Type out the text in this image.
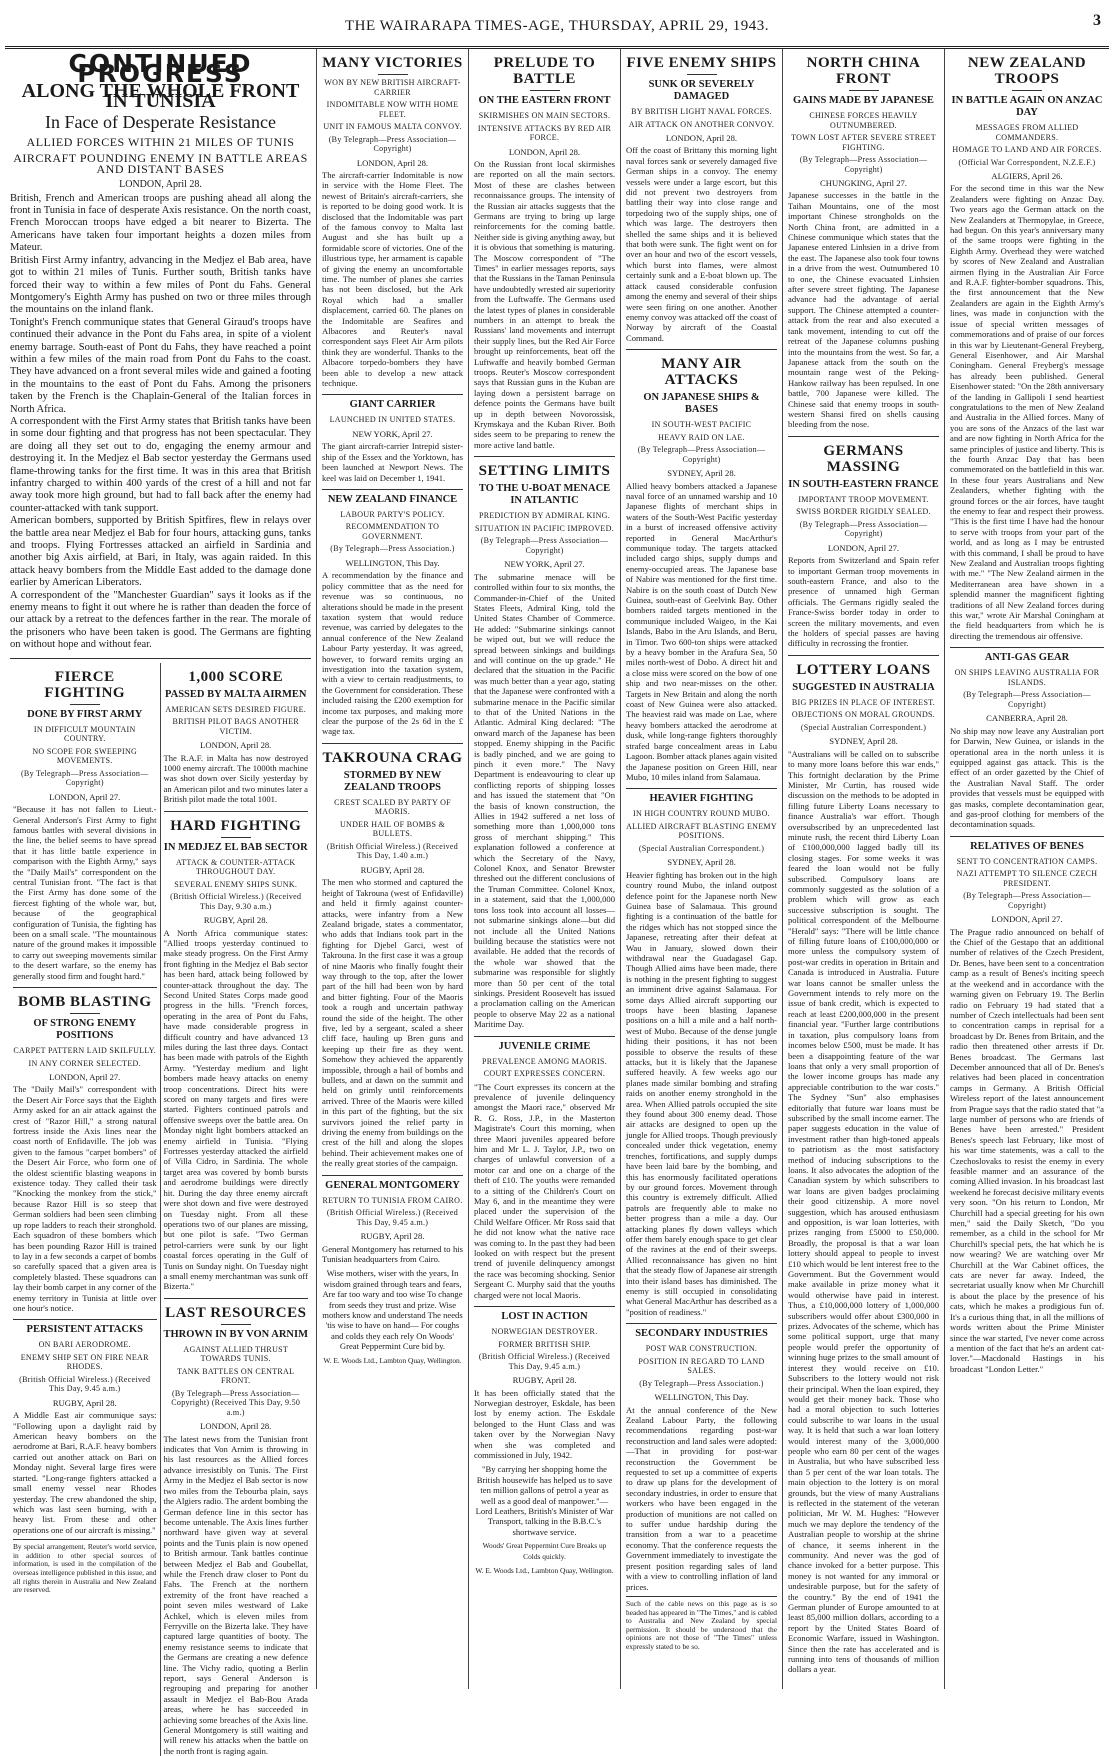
THE WAIRARAPA TIMES-AGE, THURSDAY, APRIL 29, 1943.	3
CONTINUED PROGRESS
ALONG THE WHOLE FRONT IN TUNISIA
In Face of Desperate Resistance
ALLIED FORCES WITHIN 21 MILES OF TUNIS
AIRCRAFT POUNDING ENEMY IN BATTLE AREAS AND DISTANT BASES
LONDON, April 28.

British, French and American troops are pushing ahead all along the front in Tunisia in face of desperate Axis resistance. On the north coast, French Moroccan troops have edged a bit nearer to Bizerta. The Americans have taken four important heights a dozen miles from Mateur.

British First Army infantry, advancing in the Medjez el Bab area, have got to within 21 miles of Tunis. Further south, British tanks have forced their way to within a few miles of Pont du Fahs. General Montgomery's Eighth Army has pushed on two or three miles through the mountains on the inland flank.

Tonight's French communique states that General Giraud's troops have continued their advance in the Pont du Fahs area, in spite of a violent enemy barrage. South-east of Pont du Fahs, they have reached a point within a few miles of the main road from Pont du Fahs to the coast. They have advanced on a front several miles wide and gained a footing in the mountains to the east of Pont du Fahs. Among the prisoners taken by the French is the Chaplain-General of the Italian forces in North Africa.

A correspondent with the First Army states that British tanks have been in some dour fighting and that progress has not been spectacular. They are doing all they set out to do, engaging the enemy armour and destroying it. In the Medjez el Bab sector yesterday the Germans used flame-throwing tanks for the first time. It was in this area that British infantry charged to within 400 yards of the crest of a hill and not far away took more high ground, but had to fall back after the enemy had counter-attacked with tank support.

American bombers, supported by British Spitfires, flew in relays over the battle area near Medjez el Bab for four hours, attacking guns, tanks and troops. Flying Fortresses attacked an airfield in Sardinia and another big Axis airfield, at Bari, in Italy, was again raided. In this attack heavy bombers from the Middle East added to the damage done earlier by American Liberators.

A correspondent of the "Manchester Guardian" says it looks as if the enemy means to fight it out where he is rather than deaden the force of our attack by a retreat to the defences farther in the rear. The morale of the prisoners who have been taken is good. The Germans are fighting on without hope and without fear.

FIERCE FIGHTING
DONE BY FIRST ARMY
IN DIFFICULT MOUNTAIN COUNTRY.
NO SCOPE FOR SWEEPING MOVEMENTS.
(By Telegraph—Press Association—Copyright)
LONDON, April 27.

"Because it has not fallen to Lieut.-General Anderson's First Army to fight famous battles with several divisions in the line, the belief seems to have spread that it has little battle experience in comparison with the Eighth Army," says the "Daily Mail's" correspondent on the central Tunisian front. "The fact is that the First Army has done some of the fiercest fighting of the whole war, but, because of the geographical configuration of Tunisia, the fighting has been on a small scale. "The mountainous nature of the ground makes it impossible to carry out sweeping movements similar to the desert warfare, so the enemy has generally stood firm and fought hard."

BOMB BLASTING
OF STRONG ENEMY POSITIONS
CARPET PATTERN LAID SKILFULLY.
IN ANY CORNER SELECTED.
LONDON, April 27.

The "Daily Mail's" correspondent with the Desert Air Force says that the Eighth Army asked for an air attack against the crest of "Razor Hill," a strong natural fortress inside the Axis lines near the coast north of Enfidaville. The job was given to the famous "carpet bombers" of the Desert Air Force, who form one of the oldest scientific blasting weapons in existence today. They called their task "Knocking the monkey from the stick," because Razor Hill is so steep that German soldiers had been seen climbing up rope ladders to reach their stronghold. Each squadron of these bombers which has been pounding Razor Hill is trained to lay in a few seconds a carpet of bombs so carefully spaced that a given area is completely blasted. These squadrons can lay their bomb carpet in any corner of the enemy territory in Tunisia at little over one hour's notice.

PERSISTENT ATTACKS
ON BARI AERODROME.
ENEMY SHIP SET ON FIRE NEAR RHODES.
(British Official Wireless.) (Received This Day, 9.45 a.m.)
RUGBY, April 28.

A Middle East air communique says: "Following upon a daylight raid by American heavy bombers on the aerodrome at Bari, R.A.F. heavy bombers carried out another attack on Bari on Monday night. Several large fires were started. "Long-range fighters attacked a small enemy vessel near Rhodes yesterday. The crew abandoned the ship, which was last seen burning, with a heavy list. From these and other operations one of our aircraft is missing."

By special arrangement, Reuter's world service, in addition to other special sources of information, is used in the compilation of the overseas intelligence published in this issue, and all rights therein in Australia and New Zealand are reserved.
1,000 SCORE
PASSED BY MALTA AIRMEN
AMERICAN SETS DESIRED FIGURE.
BRITISH PILOT BAGS ANOTHER VICTIM.
LONDON, April 28.

The R.A.F. in Malta has now destroyed 1000 enemy aircraft. The 1000th machine was shot down over Sicily yesterday by an American pilot and two minutes later a British pilot made the total 1001.

HARD FIGHTING
IN MEDJEZ EL BAB SECTOR
ATTACK & COUNTER-ATTACK THROUGHOUT DAY.
SEVERAL ENEMY SHIPS SUNK.
(British Official Wireless.) (Received This Day, 9.30 a.m.)
RUGBY, April 28.

A North Africa communique states: "Allied troops yesterday continued to make steady progress. On the First Army front fighting in the Medjez el Bab sector has been hard, attack being followed by counter-attack throughout the day. The Second United States Corps made good progress in the hills. "French forces, operating in the area of Pont du Fahs, have made considerable progress in difficult country and have advanced 13 miles during the last three days. Contact has been made with patrols of the Eighth Army. "Yesterday medium and light bombers made heavy attacks on enemy troop concentrations. Direct hits were scored on many targets and fires were started. Fighters continued patrols and offensive sweeps over the battle area. On Monday night light bombers attacked an enemy airfield in Tunisia. "Flying Fortresses yesterday attacked the airfield of Villa Cidro, in Sardinia. The whole target area was covered by bomb bursts and aerodrome buildings were directly hit. During the day three enemy aircraft were shot down and five were destroyed on Tuesday night. From all these operations two of our planes are missing, but one pilot is safe. "Two German petrol-carriers were sunk by our light coastal forces operating in the Gulf of Tunis on Sunday night. On Tuesday night a small enemy merchantman was sunk off Bizerta."

LAST RESOURCES
THROWN IN BY VON ARNIM
AGAINST ALLIED THRUST TOWARDS TUNIS.
TANK BATTLES ON CENTRAL FRONT.
(By Telegraph—Press Association—Copyright) (Received This Day, 9.50 a.m.)
LONDON, April 28.

The latest news from the Tunisian front indicates that Von Arnim is throwing in his last resources as the Allied forces advance irresistibly on Tunis. The First Army in the Medjez el Bab sector is now two miles from the Tebourba plain, says the Algiers radio. The ardent bombing the German defence line in this sector has become untenable. The Axis lines further northward have given way at several points and the Tunis plain is now opened to British armour. Tank battles continue between Medjez el Bab and Goubellat, while the French draw closer to Pont du Fahs. The French at the northern extremity of the front have reached a point seven miles westward of Lake Achkel, which is eleven miles from Ferryville on the Bizerta lake. They have captured large quantities of booty. The enemy resistance seems to indicate that the Germans are creating a new defence line. The Vichy radio, quoting a Berlin report, says General Anderson is regrouping and preparing for another assault in Medjez el Bab-Bou Arada areas, where he has succeeded in achieving some breaches of the Axis line. General Montgomery is still waiting and will renew his attacks when the battle on the north front is raging again.

MANY VICTORIES
WON BY NEW BRITISH AIRCRAFT-CARRIER
INDOMITABLE NOW WITH HOME FLEET.
UNIT IN FAMOUS MALTA CONVOY.
(By Telegraph—Press Association—Copyright)
LONDON, April 28.

The aircraft-carrier Indomitable is now in service with the Home Fleet. The newest of Britain's aircraft-carriers, she is reported to be doing good work. It is disclosed that the Indomitable was part of the famous convoy to Malta last August and she has built up a formidable score of victories. One of the illustrious type, her armament is capable of giving the enemy an uncomfortable time. The number of planes she carries has not been disclosed, but the Ark Royal which had a smaller displacement, carried 60. The planes on the Indomitable are Seafires and Albacores and Reuter's naval correspondent says Fleet Air Arm pilots think they are wonderful. Thanks to the Albacore torpedo-bombers they have been able to develop a new attack technique.

GIANT CARRIER
LAUNCHED IN UNITED STATES.
NEW YORK, April 27.

The giant aircraft-carrier Intrepid sister-ship of the Essex and the Yorktown, has been launched at Newport News. The keel was laid on December 1, 1941.

NEW ZEALAND FINANCE
LABOUR PARTY'S POLICY.
RECOMMENDATION TO GOVERNMENT.
(By Telegraph—Press Association.)
WELLINGTON, This Day.

A recommendation by the finance and policy committee that as the need for revenue was so continuous, no alterations should be made in the present taxation system that would reduce revenue, was carried by delegates to the annual conference of the New Zealand Labour Party yesterday. It was agreed, however, to forward remits urging an investigation into the taxation system, with a view to certain readjustments, to the Government for consideration. These included raising the £200 exemption for income tax purposes, and making more clear the purpose of the 2s 6d in the £ wage tax.

TAKROUNA CRAG
STORMED BY NEW ZEALAND TROOPS
CREST SCALED BY PARTY OF MAORIS.
UNDER HAIL OF BOMBS & BULLETS.
(British Official Wireless.) (Received This Day, 1.40 a.m.)
RUGBY, April 28.

The men who stormed and captured the height of Takrouna (west of Enfidaville) and held it firmly against counter-attacks, were infantry from a New Zealand brigade, states a commentator, who adds that Indians took part in the fighting for Djebel Garci, west of Takrouna. In the first case it was a group of nine Maoris who finally fought their way through to the top, after the lower part of the hill had been won by hard and bitter fighting. Four of the Maoris took a rough and uncertain pathway round the side of the height. The other five, led by a sergeant, scaled a sheer cliff face, hauling up Bren guns and keeping up their fire as they went. Somehow they achieved the apparently impossible, through a hail of bombs and bullets, and at dawn on the summit and held on grimly until reinforcements arrived. Three of the Maoris were killed in this part of the fighting, but the six survivors joined the relief party in driving the enemy from buildings on the crest of the hill and along the slopes behind. Their achievement makes one of the really great stories of the campaign.

GENERAL MONTGOMERY
RETURN TO TUNISIA FROM CAIRO.
(British Official Wireless.) (Received This Day, 9.45 a.m.)
RUGBY, April 28.

General Montgomery has returned to his Tunisian headquarters from Cairo.

Wise mothers, wiser with the years, In wisdom grained through tears and fears, Are far too wary and too wise To change from seeds they trust and prize. Wise mothers know and understand The needs 'tis wise to have on hand— For coughs and colds they each rely On Woods' Great Peppermint Cure bid by.
W. E. Woods Ltd., Lambton Quay, Wellington.
PRELUDE TO BATTLE
ON THE EASTERN FRONT
SKIRMISHES ON MAIN SECTORS.
INTENSIVE ATTACKS BY RED AIR FORCE.
LONDON, April 28.

On the Russian front local skirmishes are reported on all the main sectors. Most of these are clashes between reconnaissance groups. The intensity of the Russian air attacks suggests that the Germans are trying to bring up large reinforcements for the coming battle. Neither side is giving anything away, but it is obvious that something is maturing. The Moscow correspondent of "The Times" in earlier messages reports, says that the Russians in the Taman Peninsula have undoubtedly wrested air superiority from the Luftwaffe. The Germans used the latest types of planes in considerable numbers in an attempt to break the Russians' land movements and interrupt their supply lines, but the Red Air Force brought up reinforcements, beat off the Luftwaffe and heavily bombed German troops. Reuter's Moscow correspondent says that Russian guns in the Kuban are laying down a persistent barrage on defence points the Germans have built up in depth between Novorossisk, Krymskaya and the Kuban River. Both sides seem to be preparing to renew the more active land battle.

SETTING LIMITS
TO THE U-BOAT MENACE IN ATLANTIC
PREDICTION BY ADMIRAL KING.
SITUATION IN PACIFIC IMPROVED.
(By Telegraph—Press Association—Copyright)
NEW YORK, April 27.

The submarine menace will be controlled within four to six months, the Commander-in-Chief of the United States Fleets, Admiral King, told the United States Chamber of Commerce. He added: "Submarine sinkings cannot be wiped out, but we will reduce the spread between sinkings and buildings and will continue on the up grade." He declared that the situation in the Pacific was much better than a year ago, stating that the Japanese were confronted with a submarine menace in the Pacific similar to that of the United Nations in the Atlantic. Admiral King declared: "The onward march of the Japanese has been stopped. Enemy shipping in the Pacific is badly pinched, and we are going to pinch it even more." The Navy Department is endeavouring to clear up conflicting reports of shipping losses and has issued the statement that "On the basis of known construction, the Allies in 1942 suffered a net loss of something more than 1,000,000 tons gross of merchant shipping." This explanation followed a conference at which the Secretary of the Navy, Colonel Knox, and Senator Brewster threshed out the different conclusions of the Truman Committee. Colonel Knox, in a statement, said that the 1,000,000 tons loss took into account all losses—not submarine sinkings alone—but did not include all the United Nations building because the statistics were not available. He added that the records of the whole war showed that the submarine was responsible for slightly more than 50 per cent of the total sinkings. President Roosevelt has issued a proclamation calling on the American people to observe May 22 as a national Maritime Day.

JUVENILE CRIME
PREVALENCE AMONG MAORIS.
COURT EXPRESSES CONCERN.

"The Court expresses its concern at the prevalence of juvenile delinquency amongst the Maori race," observed Mr R. G. Ross, J.P., in the Masterton Magistrate's Court this morning, when three Maori juveniles appeared before him and Mr L. J. Taylor, J.P., two on charges of unlawful conversion of a motor car and one on a charge of the theft of £10. The youths were remanded to a sitting of the Children's Court on May 6, and in the meantime they were placed under the supervision of the Child Welfare Officer. Mr Ross said that he did not know what the native race was coming to. In the past they had been looked on with respect but the present trend of juvenile delinquency amongst the race was becoming shocking. Senior Sergeant C. Murphy said that the youths charged were not local Maoris.

LOST IN ACTION
NORWEGIAN DESTROYER.
FORMER BRITISH SHIP.
(British Official Wireless.) (Received This Day, 9.45 a.m.)
RUGBY, April 28.

It has been officially stated that the Norwegian destroyer, Eskdale, has been lost by enemy action. The Eskdale belonged to the Hunt Class and was taken over by the Norwegian Navy when she was completed and commissioned in July, 1942.

"By carrying her shopping home the British housewife has helped us to save ten million gallons of petrol a year as well as a good deal of manpower."—Lord Leathers, British's Minister of War Transport, talking in the B.B.C.'s shortwave service.
Woods' Great Peppermint Cure Breaks up Colds quickly.
W. E. Woods Ltd., Lambton Quay, Wellington.
FIVE ENEMY SHIPS
SUNK OR SEVERELY DAMAGED
BY BRITISH LIGHT NAVAL FORCES.
AIR ATTACK ON ANOTHER CONVOY.
LONDON, April 28.

Off the coast of Brittany this morning light naval forces sank or severely damaged five German ships in a convoy. The enemy vessels were under a large escort, but this did not prevent two destroyers from battling their way into close range and torpedoing two of the supply ships, one of which was large. The destroyers then shelled the same ships and it is believed that both were sunk. The fight went on for over an hour and two of the escort vessels, which burst into flames, were almost certainly sunk and a E-boat blown up. The attack caused considerable confusion among the enemy and several of their ships were seen firing on one another. Another enemy convoy was attacked off the coast of Norway by aircraft of the Coastal Command.

MANY AIR ATTACKS
ON JAPANESE SHIPS & BASES
IN SOUTH-WEST PACIFIC
HEAVY RAID ON LAE.
(By Telegraph—Press Association—Copyright)
SYDNEY, April 28.

Allied heavy bombers attacked a Japanese naval force of an unnamed warship and 10 Japanese flights of merchant ships in waters of the South-West Pacific yesterday in a burst of increased offensive activity reported in General MacArthur's communique today. The targets attacked included cargo ships, supply dumps and enemy-occupied areas. The Japanese base of Nabire was mentioned for the first time. Nabire is on the south coast of Dutch New Guinea, south-east of Geelvink Bay. Other bombers raided targets mentioned in the communique included Waigeo, in the Kai Islands, Babo in the Aru Islands, and Beru, in Timor. Two 600-ton ships were attacked by a heavy bomber in the Arafura Sea, 50 miles north-west of Dobo. A direct hit and a close miss were scored on the bow of one ship and two near-misses on the other. Targets in New Britain and along the north coast of New Guinea were also attacked. The heaviest raid was made on Lae, where heavy bombers attacked the aerodrome at dusk, while long-range fighters thoroughly strafed barge concealment areas in Labu Lagoon. Bomber attack planes again visited the Japanese position on Green Hill, near Mubo, 10 miles inland from Salamaua.

HEAVIER FIGHTING
IN HIGH COUNTRY ROUND MUBO.
ALLIED AIRCRAFT BLASTING ENEMY POSITIONS.
(Special Australian Correspondent.)
SYDNEY, April 28.

Heavier fighting has broken out in the high country round Mubo, the inland outpost defence point for the Japanese north New Guinea base of Salamaua. This ground fighting is a continuation of the battle for the ridges which has not stopped since the Japanese, retreating after their defeat at Wau in January, slowed down their withdrawal near the Guadagasel Gap. Though Allied aims have been made, there is nothing in the present fighting to suggest an imminent drive against Salamaua. For some days Allied aircraft supporting our troops have been blasting Japanese positions on a hill a mile and a half north-west of Mubo. Because of the dense jungle hiding their positions, it has not been possible to observe the results of these attacks, but it is likely that the Japanese suffered heavily. A few weeks ago our planes made similar bombing and strafing raids on another enemy stronghold in the area. When Allied patrols occupied the site they found about 300 enemy dead. Those air attacks are designed to open up the jungle for Allied troops. Though previously concealed under thick vegetation, enemy trenches, fortifications, and supply dumps have been laid bare by the bombing, and this has enormously facilitated operations by our ground forces. Movement through this country is extremely difficult. Allied patrols are frequently able to make no better progress than a mile a day. Our attacking planes fly down valleys which offer them barely enough space to get clear of the ravines at the end of their sweeps. Allied reconnaissance has given no hint that the steady flow of Japanese air strength into their island bases has diminished. The enemy is still occupied in consolidating what General MacArthur has described as a "position of readiness."

SECONDARY INDUSTRIES
POST WAR CONSTRUCTION.
POSITION IN REGARD TO LAND SALES.
(By Telegraph—Press Association.)
WELLINGTON, This Day.

At the annual conference of the New Zealand Labour Party, the following recommendations regarding post-war reconstruction and land sales were adopted:—That in providing for post-war reconstruction the Government be requested to set up a committee of experts to draw up plans for the development of secondary industries, in order to ensure that workers who have been engaged in the production of munitions are not called on to suffer undue hardship during the transition from a war to a peacetime economy. That the conference requests the Government immediately to investigate the present position regarding sales of land with a view to controlling inflation of land prices.

Such of the cable news on this page as is so headed has appeared in "The Times," and is cabled to Australia and New Zealand by special permission. It should be understood that the opinions are not those of "The Times" unless expressly stated to be so.
NORTH CHINA FRONT
GAINS MADE BY JAPANESE
CHINESE FORCES HEAVILY OUTNUMBERED.
TOWN LOST AFTER SEVERE STREET FIGHTING.
(By Telegraph—Press Association—Copyright)
CHUNGKING, April 27.

Japanese successes in the battle in the Taihan Mountains, one of the most important Chinese strongholds on the North China front, are admitted in a Chinese communique which states that the Japanese entered Linhsien in a drive from the east. The Japanese also took four towns in a drive from the west. Outnumbered 10 to one, the Chinese evacuated Linhsien after severe street fighting. The Japanese advance had the advantage of aerial support. The Chinese attempted a counter-attack from the rear and also executed a tank movement, intending to cut off the retreat of the Japanese columns pushing into the mountains from the west. So far, a Japanese attack from the south on the mountain range west of the Peking-Hankow railway has been repulsed. In one battle, 700 Japanese were killed. The Chinese said that enemy troops in south-western Shansi fired on shells causing bleeding from the nose.

GERMANS MASSING
IN SOUTH-EASTERN FRANCE
IMPORTANT TROOP MOVEMENT.
SWISS BORDER RIGIDLY SEALED.
(By Telegraph—Press Association—Copyright)
LONDON, April 27.

Reports from Switzerland and Spain refer to important German troop movements in south-eastern France, and also to the presence of unnamed high German officials. The Germans rigidly sealed the France-Swiss border today in order to screen the military movements, and even the holders of special passes are having difficulty in recrossing the frontier.

LOTTERY LOANS
SUGGESTED IN AUSTRALIA
BIG PRIZES IN PLACE OF INTEREST.
OBJECTIONS ON MORAL GROUNDS.
(Special Australian Correspondent.)
SYDNEY, April 28.

"Australians will be called on to subscribe to many more loans before this war ends," This fortnight declaration by the Prime Minister, Mr Curtin, has roused wide discussion on the methods to be adopted in filling future Liberty Loans necessary to finance Australia's war effort. Though oversubscribed by an unprecedented last minute rush, the recent third Liberty Loan of £100,000,000 lagged badly till its closing stages. For some weeks it was feared the loan would not be fully subscribed. Compulsory loans are commonly suggested as the solution of a problem which will grow as each successive subscription is sought. The political correspondent of the Melbourne "Herald" says: "There will be little chance of filling future loans of £100,000,000 or more unless the compulsory system of post-war credits in operation in Britain and Canada is introduced in Australia. Future war loans cannot be smaller unless the Government intends to rely more on the issue of bank credit, which is expected to reach at least £200,000,000 in the present financial year. "Further large contributions in taxation, plus compulsory loans from incomes below £500, must be made. It has been a disappointing feature of the war loans that only a very small proportion of the lower income groups has made any appreciable contribution to the war costs." The Sydney "Sun" also emphasises editorially that future war loans must be subscribed by the small income earner. The paper suggests education in the value of investment rather than high-toned appeals to patriotism as the most satisfactory method of inducing subscriptions to the loans. It also advocates the adoption of the Canadian system by which subscribers to war loans are given badges proclaiming their good citizenship. A more novel suggestion, which has aroused enthusiasm and opposition, is war loan lotteries, with prizes ranging from £5000 to £50,000. Broadly, the proposal is that a war loan lottery should appeal to people to invest £10 which would be lent interest free to the Government. But the Government would make available in prize money what it would otherwise have paid in interest. Thus, a £10,000,000 lottery of 1,000,000 subscribers would offer about £300,000 in prizes. Advocates of the scheme, which has some political support, urge that many people would prefer the opportunity of winning huge prizes to the small amount of interest they would receive on £10. Subscribers to the lottery would not risk their principal. When the loan expired, they would get their money back. Those who had a moral objection to such lotteries could subscribe to war loans in the usual way. It is held that such a war loan lottery would interest many of the 3,000,000 people who earn 80 per cent of the wages in Australia, but who have subscribed less than 5 per cent of the war loan totals. The main objection to the lottery is on moral grounds, but the view of many Australians is reflected in the statement of the veteran politician, Mr W. M. Hughes: "However much we may deplore the tendency of the Australian people to worship at the shrine of chance, it seems inherent in the community. And never was the god of chance invoked for a better purpose. This money is not wanted for any immoral or undesirable purpose, but for the safety of the country." By the end of 1941 the German plunder of Europe amounted to at least 85,000 million dollars, according to a report by the United States Board of Economic Warfare, issued in Washington. Since then the rate has accelerated and is running into tens of thousands of million dollars a year.

NEW ZEALAND TROOPS
IN BATTLE AGAIN ON ANZAC DAY
MESSAGES FROM ALLIED COMMANDERS.
HOMAGE TO LAND AND AIR FORCES.
(Official War Correspondent, N.Z.E.F.)
ALGIERS, April 26.

For the second time in this war the New Zealanders were fighting on Anzac Day. Two years ago the German attack on the New Zealanders at Thermopylae, in Greece, had begun. On this year's anniversary many of the same troops were fighting in the Eighth Army. Overhead they were watched by scores of New Zealand and Australian airmen flying in the Australian Air Force and R.A.F. fighter-bomber squadrons. This, the first announcement that the New Zealanders are again in the Eighth Army's lines, was made in conjunction with the issue of special written messages of commemorations and of praise of our forces in this war by Lieutenant-General Freyberg, General Eisenhower, and Air Marshal Coningham. General Freyberg's message has already been published. General Eisenhower stated: "On the 28th anniversary of the landing in Gallipoli I send heartiest congratulations to the men of New Zealand and Australia in the Allied forces. Many of you are sons of the Anzacs of the last war and are now fighting in North Africa for the same principles of justice and liberty. This is the fourth Anzac Day that has been commemorated on the battlefield in this war. In these four years Australians and New Zealanders, whether fighting with the ground forces or the air forces, have taught the enemy to fear and respect their prowess. "This is the first time I have had the honour to serve with troops from your part of the world, and as long as I may be entrusted with this command, I shall be proud to have New Zealand and Australian troops fighting with me." "The New Zealand airmen in the Mediterranean area have shown in a splendid manner the magnificent fighting traditions of all New Zealand forces during this war," wrote Air Marshal Coningham at the field headquarters from which he is directing the tremendous air offensive.

ANTI-GAS GEAR
ON SHIPS LEAVING AUSTRALIA FOR ISLANDS.
(By Telegraph—Press Association—Copyright)
CANBERRA, April 28.

No ship may now leave any Australian port for Darwin, New Guinea, or islands in the operational area in the north unless it is equipped against gas attack. This is the effect of an order gazetted by the Chief of the Australian Naval Staff. The order provides that vessels must be equipped with gas masks, complete decontamination gear, and gas-proof clothing for members of the decontamination squads.

RELATIVES OF BENES
SENT TO CONCENTRATION CAMPS.
NAZI ATTEMPT TO SILENCE CZECH PRESIDENT.
(By Telegraph—Press Association—Copyright)
LONDON, April 27.

The Prague radio announced on behalf of the Chief of the Gestapo that an additional number of relatives of the Czech President, Dr. Benes, have been sent to a concentration camp as a result of Benes's inciting speech at the weekend and in accordance with the warning given on February 19. The Berlin radio on February 19 had stated that a number of Czech intellectuals had been sent to concentration camps in reprisal for a broadcast by Dr. Benes from Britain, and the radio then threatened other arrests if Dr. Benes broadcast. The Germans last December announced that all of Dr. Benes's relatives had been placed in concentration camps in Germany. A British Official Wireless report of the latest announcement from Prague says that the radio stated that "a large number of persons who are friends of Benes have been arrested." President Benes's speech last February, like most of his war time statements, was a call to the Czechoslovaks to resist the enemy in every feasible manner and an assurance of the coming Allied invasion. In his broadcast last weekend he forecast decisive military events very soon. "On his return to London, Mr Churchill had a special greeting for his own men," said the Daily Sketch, "Do you remember, as a child in the school for Mr Churchill's special pets, the hat which he is now wearing? We are watching over Mr Churchill at the War Cabinet offices, the cats are never far away. Indeed, the secretariat usually know when Mr Churchill is about the place by the presence of his cats, which he makes a prodigious fun of. It's a curious thing that, in all the millions of words written about the Prime Minister since the war started, I've never come across a mention of the fact that he's an ardent cat-lover."—Macdonald Hastings in his broadcast "London Letter."
